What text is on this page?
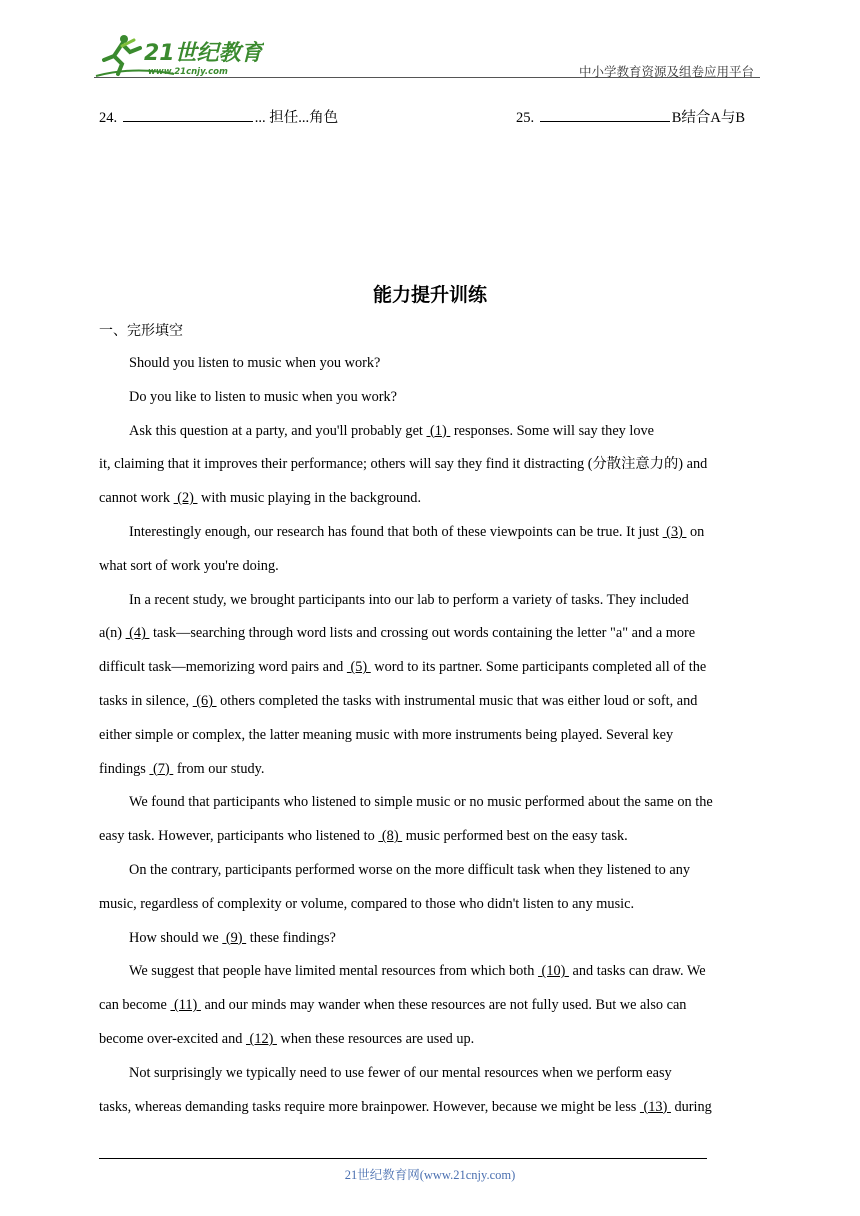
21世纪教育
www.21cnjy.com	中小学教育资源及组卷应用平台
24.	... 担任...角色	25.	B结合A与B
能力提升训练
一、完形填空

Should you listen to music when you work?

Do you like to listen to music when you work?

Ask this question at a party, and you'll probably get  (1)  responses. Some will say they love

it, claiming that it improves their performance; others will say they find it distracting (分散注意力的) and
cannot work  (2)  with music playing in the background.

Interestingly enough, our research has found that both of these viewpoints can be true. It just  (3)  on

what sort of work you're doing.

In a recent study, we brought participants into our lab to perform a variety of tasks. They included

a(n)  (4)  task—searching through word lists and crossing out words containing the letter "a" and a more
difficult task—memorizing word pairs and  (5)  word to its partner. Some participants completed all of the
tasks in silence,  (6)  others completed the tasks with instrumental music that was either loud or soft, and
either simple or complex, the latter meaning music with more instruments being played. Several key
findings  (7)  from our study.

We found that participants who listened to simple music or no music performed about the same on the

easy task. However, participants who listened to  (8)  music performed best on the easy task.

On the contrary, participants performed worse on the more difficult task when they listened to any

music, regardless of complexity or volume, compared to those who didn't listen to any music.

How should we  (9)  these findings?

We suggest that people have limited mental resources from which both  (10)  and tasks can draw. We

can become  (11)  and our minds may wander when these resources are not fully used. But we also can
become over-excited and  (12)  when these resources are used up.

Not surprisingly we typically need to use fewer of our mental resources when we perform easy

tasks, whereas demanding tasks require more brainpower. However, because we might be less  (13)  during
21世纪教育网(www.21cnjy.com)
